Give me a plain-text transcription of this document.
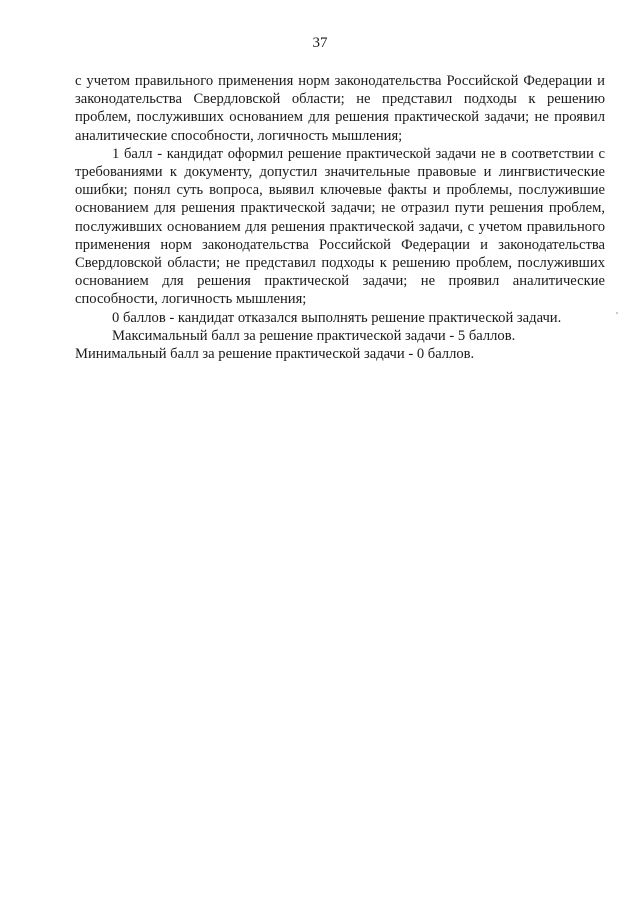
37

с учетом правильного применения норм законодательства Российской Федерации и законодательства Свердловской области; не представил подходы к решению проблем, послуживших основанием для решения практической задачи; не проявил аналитические способности, логичность мышления;

1 балл - кандидат оформил решение практической задачи не в соответствии с требованиями к документу, допустил значительные правовые и лингвистические ошибки; понял суть вопроса, выявил ключевые факты и проблемы, послужившие основанием для решения практической задачи; не отразил пути решения проблем, послуживших основанием для решения практической задачи, с учетом правильного применения норм законодательства Российской Федерации и законодательства Свердловской области; не представил подходы к решению проблем, послуживших основанием для решения практической задачи; не проявил аналитические способности, логичность мышления;

0 баллов - кандидат отказался выполнять решение практической задачи.

Максимальный балл за решение практической задачи - 5 баллов.

Минимальный балл за решение практической задачи - 0 баллов.
